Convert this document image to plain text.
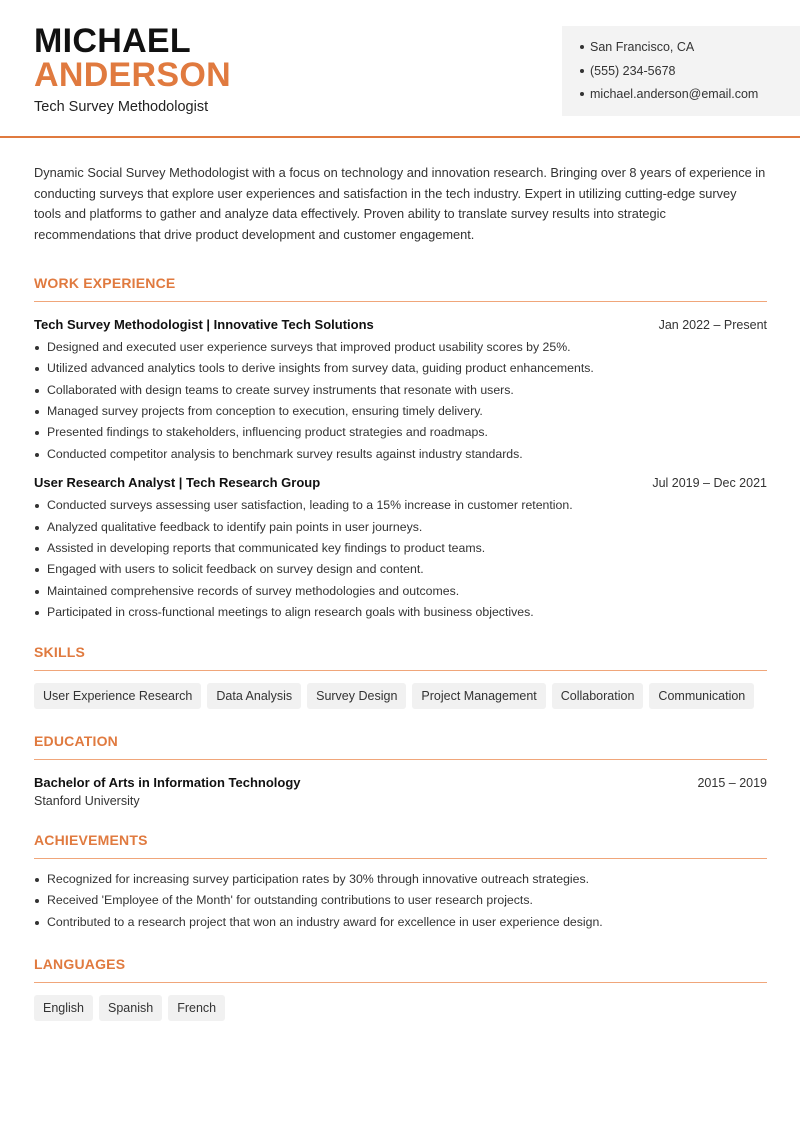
MICHAEL
ANDERSON
Tech Survey Methodologist
San Francisco, CA
(555) 234-5678
michael.anderson@email.com

Dynamic Social Survey Methodologist with a focus on technology and innovation research. Bringing over 8 years of experience in conducting surveys that explore user experiences and satisfaction in the tech industry. Expert in utilizing cutting-edge survey tools and platforms to gather and analyze data effectively. Proven ability to translate survey results into strategic recommendations that drive product development and customer engagement.

WORK EXPERIENCE
Tech Survey Methodologist | Innovative Tech Solutions	Jan 2022 – Present
Designed and executed user experience surveys that improved product usability scores by 25%.
Utilized advanced analytics tools to derive insights from survey data, guiding product enhancements.
Collaborated with design teams to create survey instruments that resonate with users.
Managed survey projects from conception to execution, ensuring timely delivery.
Presented findings to stakeholders, influencing product strategies and roadmaps.
Conducted competitor analysis to benchmark survey results against industry standards.
User Research Analyst | Tech Research Group	Jul 2019 – Dec 2021
Conducted surveys assessing user satisfaction, leading to a 15% increase in customer retention.
Analyzed qualitative feedback to identify pain points in user journeys.
Assisted in developing reports that communicated key findings to product teams.
Engaged with users to solicit feedback on survey design and content.
Maintained comprehensive records of survey methodologies and outcomes.
Participated in cross-functional meetings to align research goals with business objectives.
SKILLS
User Experience Research	Data Analysis	Survey Design	Project Management	Collaboration	Communication
EDUCATION
Bachelor of Arts in Information Technology	2015 – 2019
Stanford University
ACHIEVEMENTS
Recognized for increasing survey participation rates by 30% through innovative outreach strategies.
Received 'Employee of the Month' for outstanding contributions to user research projects.
Contributed to a research project that won an industry award for excellence in user experience design.
LANGUAGES
English	Spanish	French
